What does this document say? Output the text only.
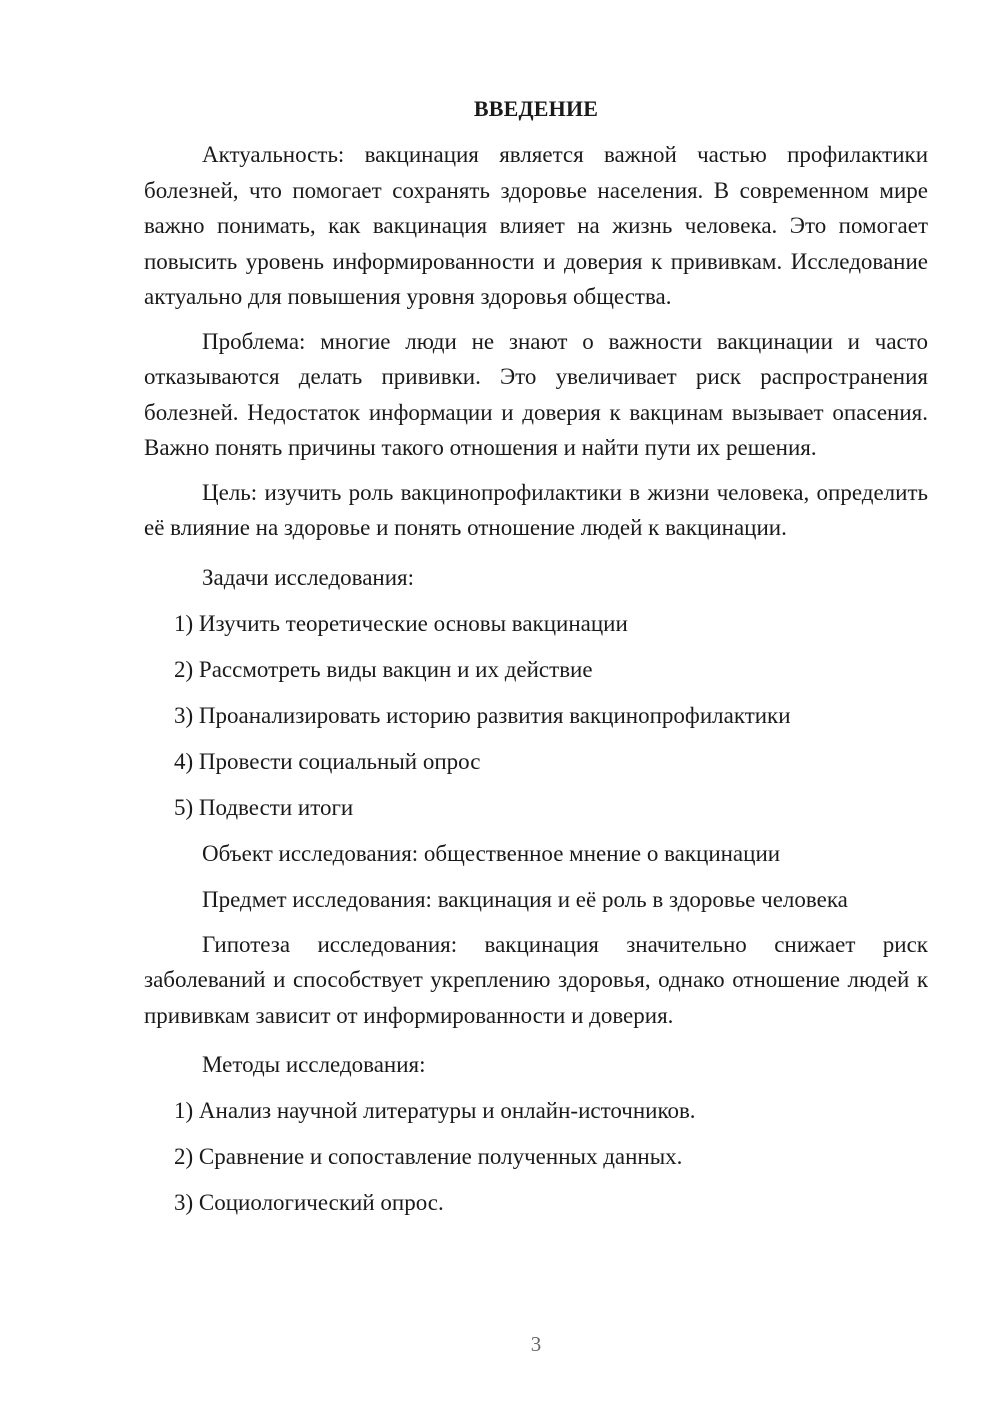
ВВЕДЕНИЕ

Актуальность: вакцинация является важной частью профилактики болезней, что помогает сохранять здоровье населения. В современном мире важно понимать, как вакцинация влияет на жизнь человека. Это помогает повысить уровень информированности и доверия к прививкам. Исследование актуально для повышения уровня здоровья общества.

Проблема: многие люди не знают о важности вакцинации и часто отказываются делать прививки. Это увеличивает риск распространения болезней. Недостаток информации и доверия к вакцинам вызывает опасения. Важно понять причины такого отношения и найти пути их решения.

Цель: изучить роль вакцинопрофилактики в жизни человека, определить её влияние на здоровье и понять отношение людей к вакцинации.

Задачи исследования:

1) Изучить теоретические основы вакцинации

2) Рассмотреть виды вакцин и их действие

3) Проанализировать историю развития вакцинопрофилактики

4) Провести социальный опрос

5) Подвести итоги

Объект исследования: общественное мнение о вакцинации

Предмет исследования: вакцинация и её роль в здоровье человека

Гипотеза исследования: вакцинация значительно снижает риск заболеваний и способствует укреплению здоровья, однако отношение людей к прививкам зависит от информированности и доверия.

Методы исследования:

1) Анализ научной литературы и онлайн-источников.

2) Сравнение и сопоставление полученных данных.

3) Социологический опрос.

3
